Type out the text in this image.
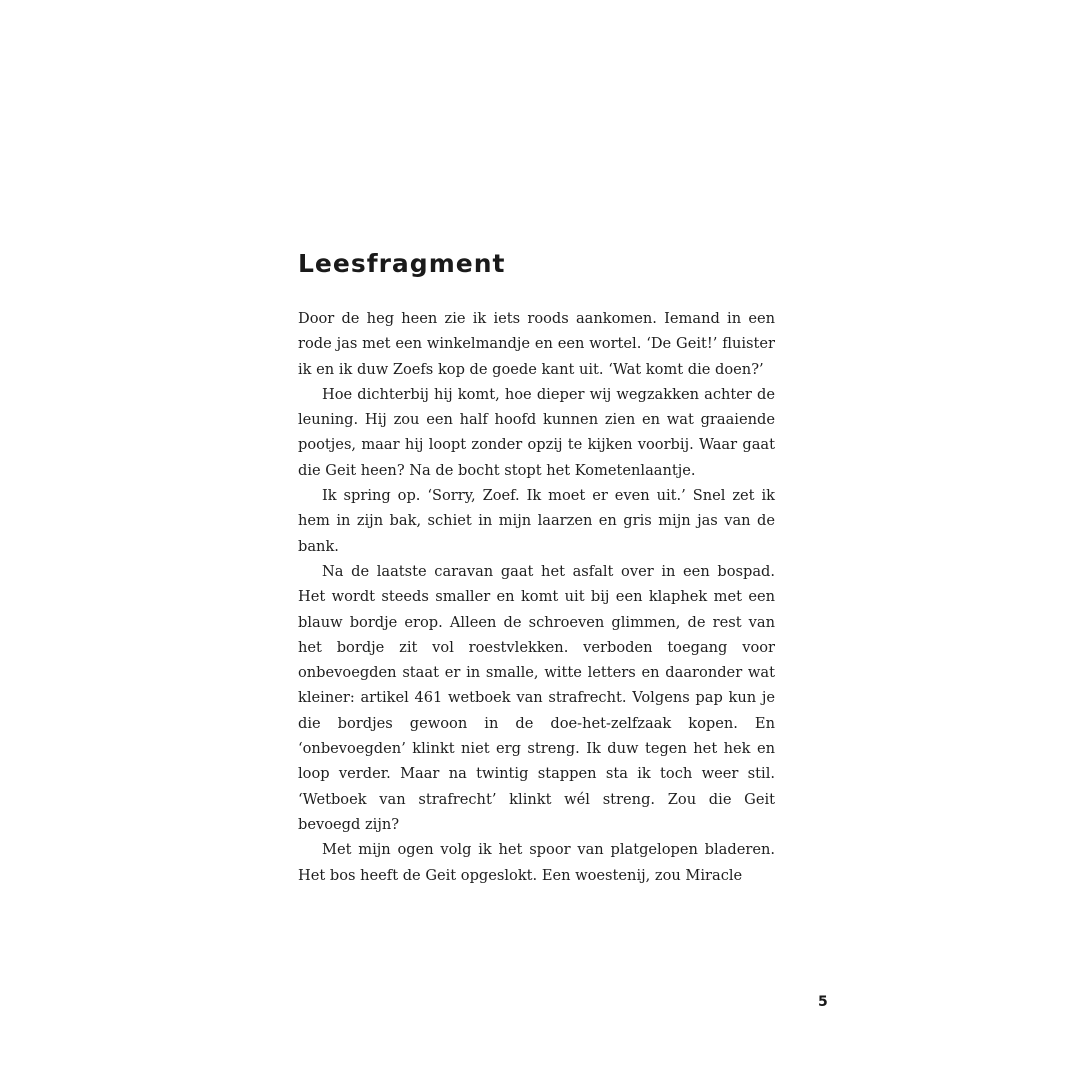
Leesfragment

Door de heg heen zie ik iets roods aankomen. Iemand in een rode jas met een winkelmandje en een wortel. ‘De Geit!’ fluister ik en ik duw Zoefs kop de goede kant uit. ‘Wat komt die doen?’

Hoe dichterbij hij komt, hoe dieper wij wegzakken achter de leuning. Hij zou een half hoofd kunnen zien en wat graaiende pootjes, maar hij loopt zonder opzij te kijken voorbij. Waar gaat die Geit heen? Na de bocht stopt het Kometenlaantje.

Ik spring op. ‘Sorry, Zoef. Ik moet er even uit.’ Snel zet ik hem in zijn bak, schiet in mijn laarzen en gris mijn jas van de bank.

Na de laatste caravan gaat het asfalt over in een bospad. Het wordt steeds smaller en komt uit bij een klaphek met een blauw bordje erop. Alleen de schroeven glimmen, de rest van het bordje zit vol roestvlekken. verboden toegang voor onbevoegden staat er in smalle, witte letters en daaronder wat kleiner: artikel 461 wetboek van strafrecht. Volgens pap kun je die bordjes gewoon in de doe-het-zelfzaak kopen. En ‘onbevoegden’ klinkt niet erg streng. Ik duw tegen het hek en loop verder. Maar na twintig stappen sta ik toch weer stil. ‘Wetboek van strafrecht’ klinkt wél streng. Zou die Geit bevoegd zijn?

Met mijn ogen volg ik het spoor van platgelopen bladeren. Het bos heeft de Geit opgeslokt. Een woestenij, zou Miracle

5
